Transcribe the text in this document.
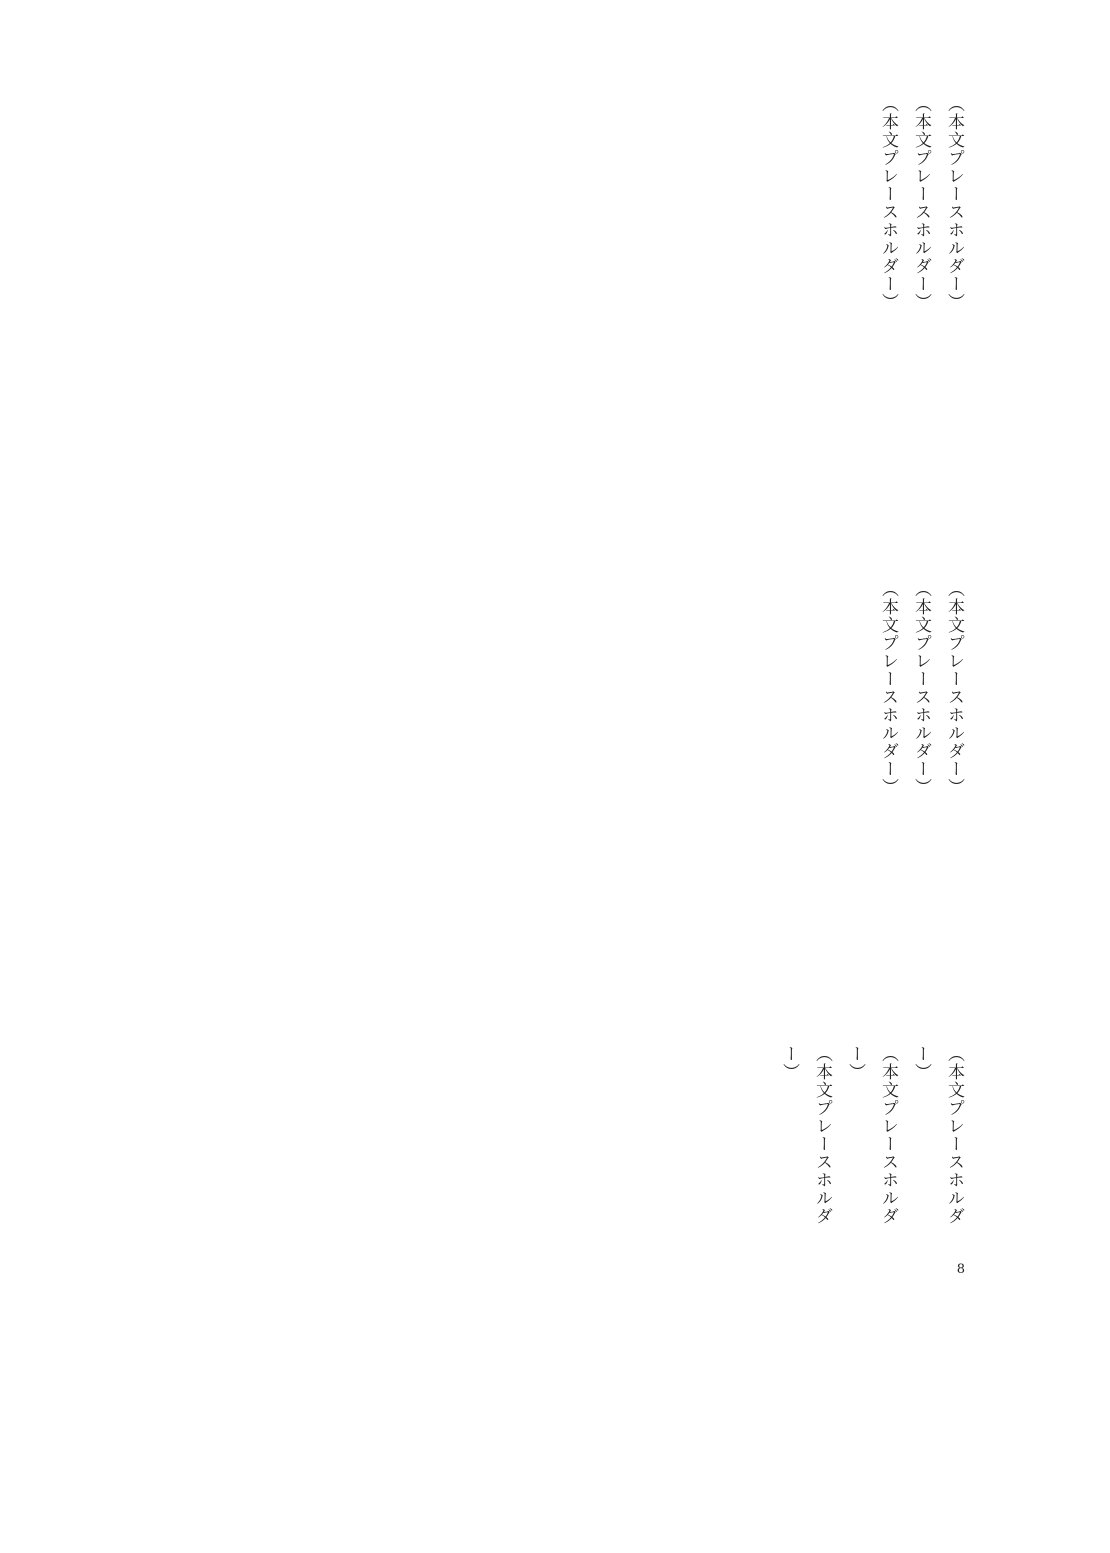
（本文プレースホルダー）
（本文プレースホルダー）
（本文プレースホルダー）
（本文プレースホルダー）
（本文プレースホルダー）
（本文プレースホルダー）
（本文プレースホルダー）
（本文プレースホルダー）
（本文プレースホルダー）
8
